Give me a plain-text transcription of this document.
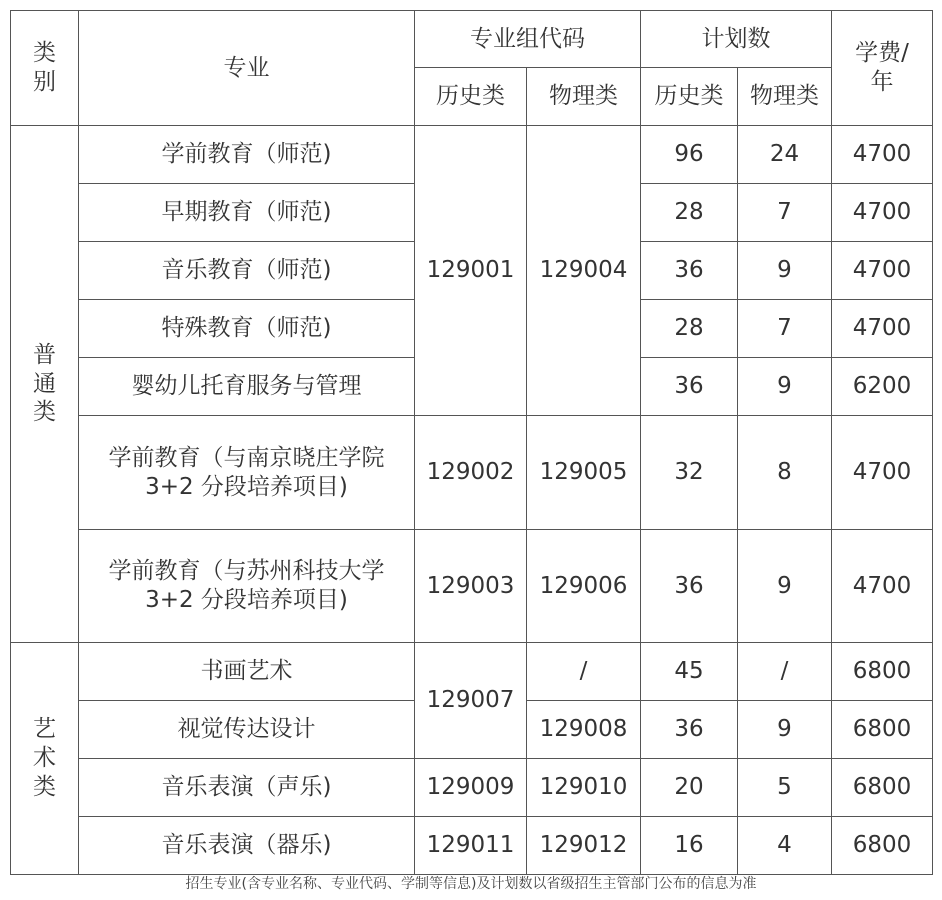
类
别	专业	专业组代码		计划数		学费/
年

		历史类	物理类	历史类	物理类	

普
通
类	学前教育（师范)	129001	129004	96	24	4700
	早期教育（师范)			28	7	4700
	音乐教育（师范)			36	9	4700
	特殊教育（师范)			28	7	4700
	婴幼儿托育服务与管理			36	9	6200

	学前教育（与南京晓庄学院
3+2 分段培养项目)	129002	129005	32	8	4700

	学前教育（与苏州科技大学
3+2 分段培养项目)	129003	129006	36	9	4700

艺
术
类	书画艺术	129007	/	45	/	6800
	视觉传达设计		129008	36	9	6800
	音乐表演（声乐)	129009	129010	20	5	6800
	音乐表演（器乐)	129011	129012	16	4	6800
招生专业(含专业名称、专业代码、学制等信息)及计划数以省级招生主管部门公布的信息为准
